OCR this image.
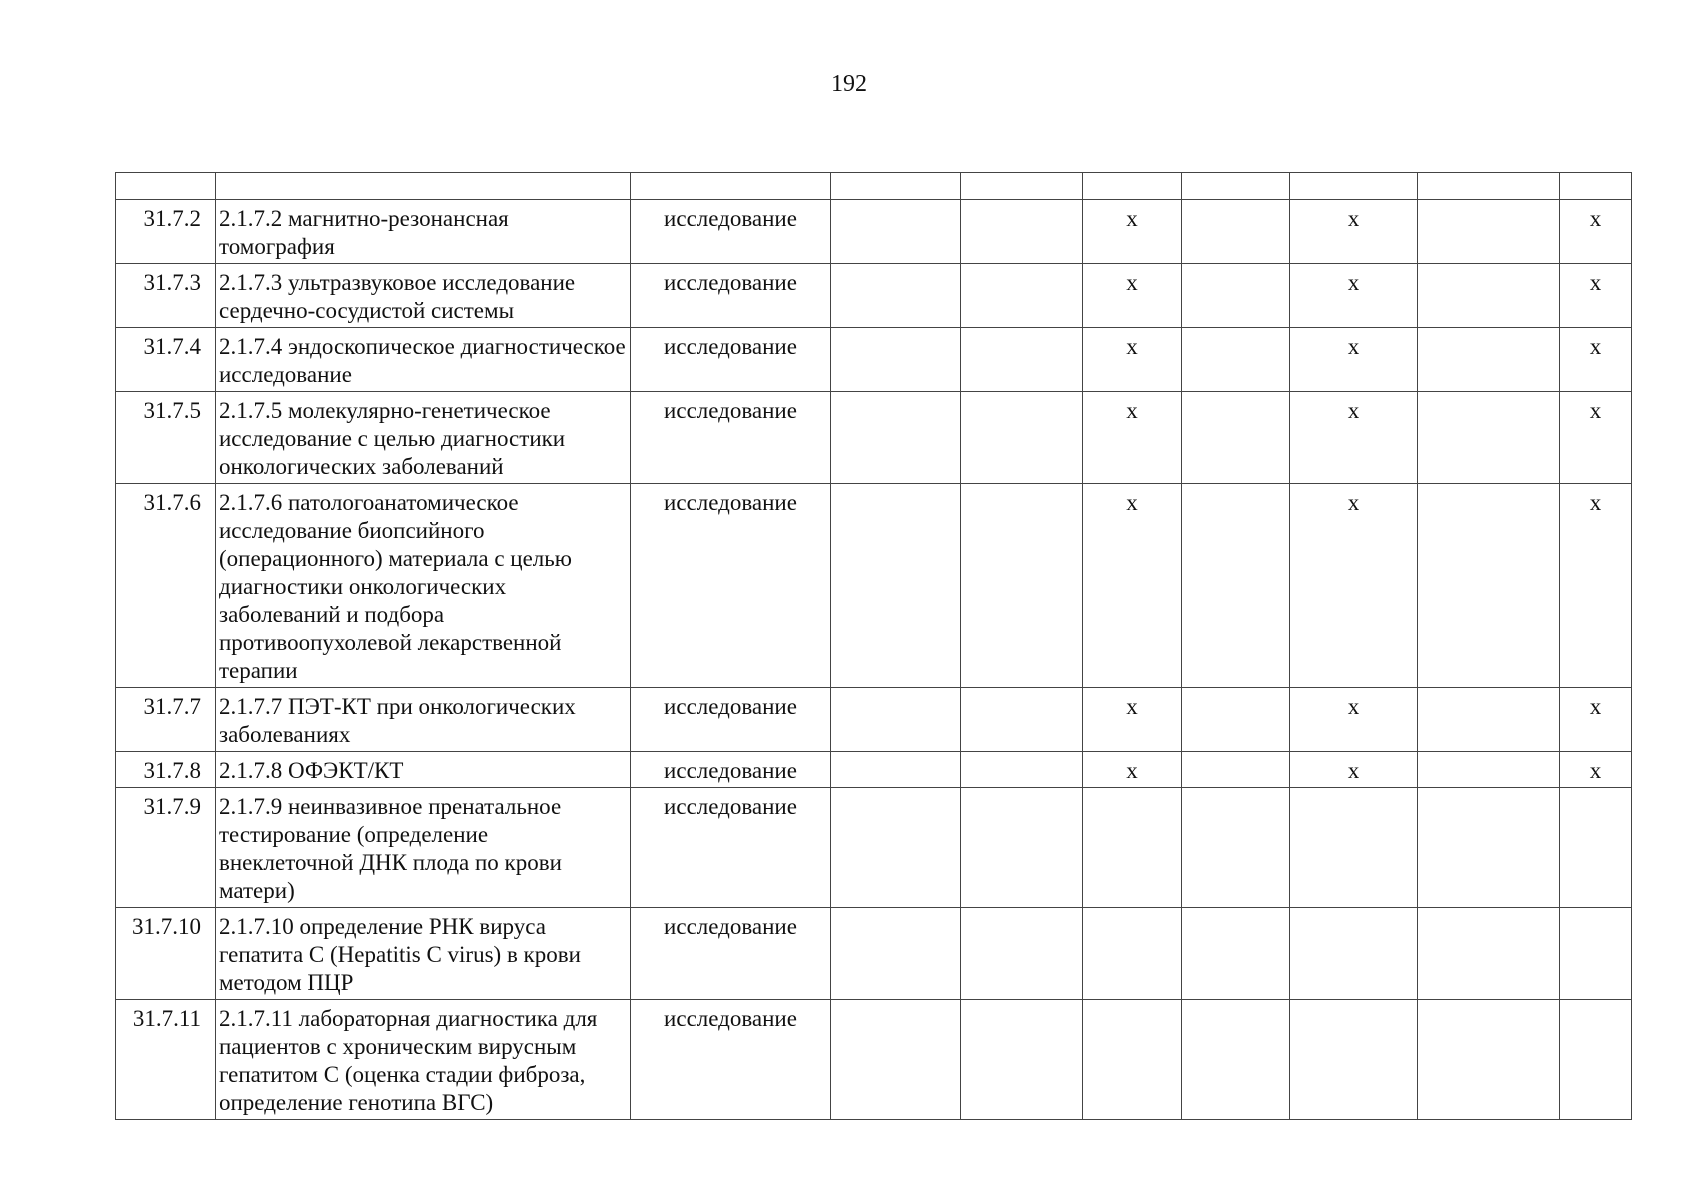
192

31.7.2	2.1.7.2 магнитно-резонансная томография	исследование			x		x		x
31.7.3	2.1.7.3 ультразвуковое исследование сердечно-сосудистой системы	исследование			x		x		x
31.7.4	2.1.7.4 эндоскопическое диагностическое исследование	исследование			x		x		x
31.7.5	2.1.7.5 молекулярно-генетическое исследование с целью диагностики онкологических заболеваний	исследование			x		x		x
31.7.6	2.1.7.6 патологоанатомическое исследование биопсийного (операционного) материала с целью диагностики онкологических заболеваний и подбора противоопухолевой лекарственной терапии	исследование			x		x		x
31.7.7	2.1.7.7 ПЭТ-КТ при онкологических заболеваниях	исследование			x		x		x
31.7.8	2.1.7.8 ОФЭКТ/КТ	исследование			x		x		x
31.7.9	2.1.7.9 неинвазивное пренатальное тестирование (определение внеклеточной ДНК плода по крови матери)	исследование							
31.7.10	2.1.7.10 определение РНК вируса гепатита С (Hepatitis C virus) в крови методом ПЦР	исследование							
31.7.11	2.1.7.11 лабораторная диагностика для пациентов с хроническим вирусным гепатитом С (оценка стадии фиброза, определение генотипа ВГС)	исследование							
